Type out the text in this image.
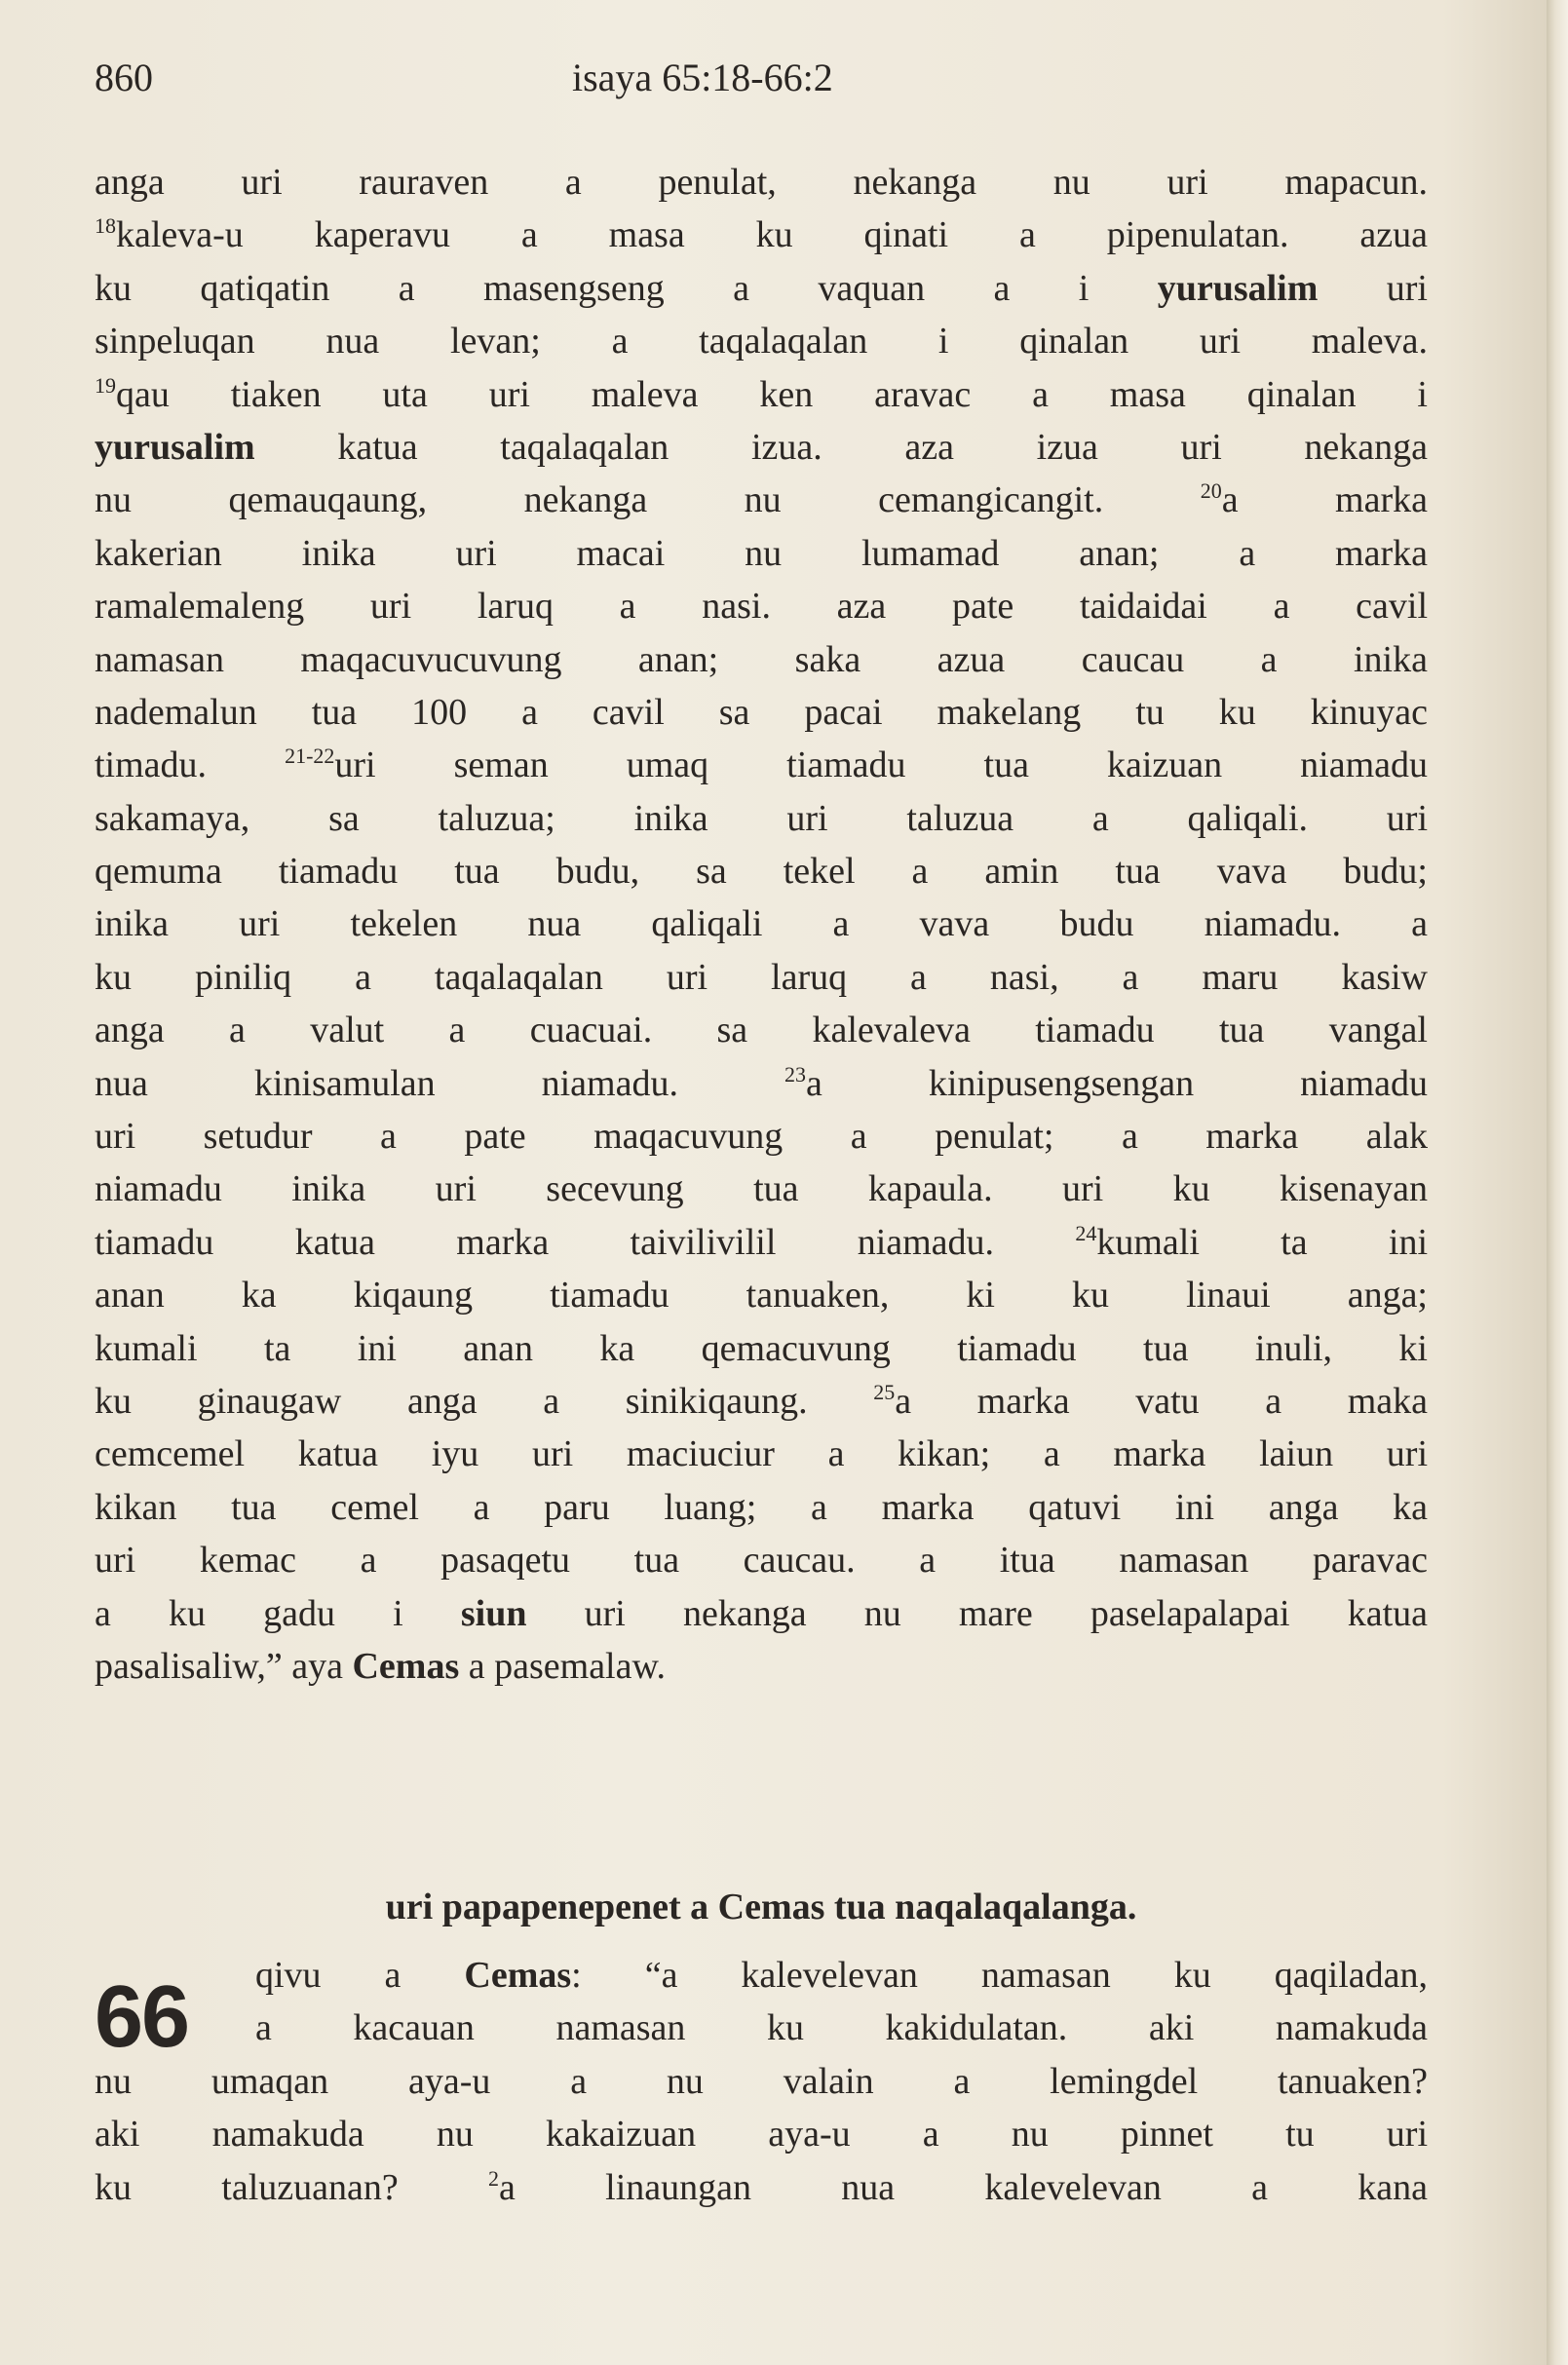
860	isaya 65:18-66:2
anga uri rauraven a penulat, nekanga nu uri mapacun.
$^{18}$kaleva-u kaperavu a masa ku qinati a pipenulatan. azua
ku qatiqatin a masengseng a vaquan a i yurusalim uri
sinpeluqan nua levan; a taqalaqalan i qinalan uri maleva.
$^{19}$qau tiaken uta uri maleva ken aravac a masa qinalan i
yurusalim katua taqalaqalan izua. aza izua uri nekanga
nu qemauqaung, nekanga nu cemangicangit.	$^{20}$a marka
kakerian inika uri macai nu lumamad anan; a marka
ramalemaleng uri laruq a nasi. aza pate taidaidai a cavil
namasan maqacuvucuvung anan; saka azua caucau a inika
nademalun tua 100 a cavil sa pacai makelang tu ku kinuyac
timadu.	$^{21-22}$uri seman umaq tiamadu tua kaizuan niamadu
sakamaya, sa taluzua; inika uri taluzua a qaliqali. uri
qemuma tiamadu tua budu, sa tekel a amin tua vava budu;
inika uri tekelen nua qaliqali a vava budu niamadu. a
ku piniliq a taqalaqalan uri laruq a nasi, a maru kasiw
anga a valut a cuacuai. sa kalevaleva tiamadu tua vangal
nua kinisamulan niamadu.	$^{23}$a kinipusengsengan niamadu
uri setudur a pate maqacuvung a penulat; a marka alak
niamadu inika uri secevung tua kapaula. uri ku kisenayan
tiamadu katua marka taivilivilil niamadu.	$^{24}$kumali ta ini
anan ka kiqaung tiamadu tanuaken, ki ku linaui anga;
kumali ta ini anan ka qemacuvung tiamadu tua inuli, ki
ku ginaugaw anga a sinikiqaung.	$^{25}$a marka vatu a maka
cemcemel katua iyu uri maciuciur a kikan; a marka laiun uri
kikan tua cemel a paru luang; a marka qatuvi ini anga ka
uri kemac a pasaqetu tua caucau. a itua namasan paravac
a ku gadu i siun uri nekanga nu mare paselapalapai katua
pasalisaliw,” aya Cemas a pasemalaw.
uri papapenepenet a Cemas tua naqalaqalanga.
66	qivu a Cemas: “a kalevelevan namasan ku qaqiladan,
a kacauan namasan ku kakidulatan. aki namakuda
nu umaqan aya-u a nu valain a lemingdel tanuaken?
aki namakuda nu kakaizuan aya-u a nu pinnet tu uri
ku taluzuanan?	$^2$a linaungan nua kalevelevan a kana
